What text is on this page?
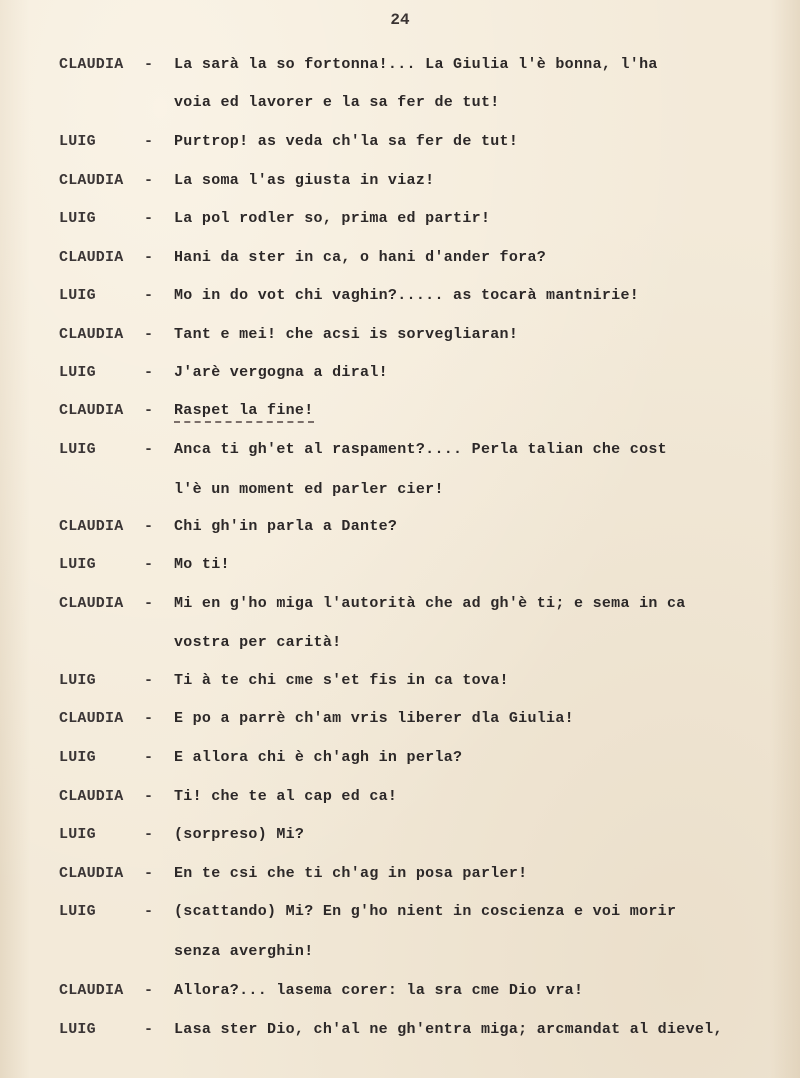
24
CLAUDIA - La sarà la so fortonna!... La Giulia l'è bonna, l'ha
voia ed lavorer e la sa fer de tut!
LUIG	- Purtrop! as veda ch'la sa fer de tut!
CLAUDIA - La soma l'as giusta in viaz!
LUIG	- La pol rodler so, prima ed partir!
CLAUDIA - Hani da ster in ca, o hani d'ander fora?
LUIG	- Mo in do vot chi vaghin?..... as tocarà mantnirie!
CLAUDIA - Tant e mei! che acsi is sorvegliaran!
LUIG	- J'arè vergogna a diral!
CLAUDIA - Raspet la fine!
LUIG	- Anca ti gh'et al raspament?.... Perla talian che cost
l'è un moment ed parler cier!
CLAUDIA - Chi gh'in parla a Dante?
LUIG	- Mo ti!
CLAUDIA - Mi en g'ho miga l'autorità che ad gh'è ti; e sema in ca
vostra per carità!
LUIG	- Ti à te chi cme s'et fis in ca tova!
CLAUDIA - E po a parrè ch'am vris liberer dla Giulia!
LUIG	- E allora chi è ch'agh in perla?
CLAUDIA - Ti! che te al cap ed ca!
LUIG	- (sorpreso) Mi?
CLAUDIA - En te csi che ti ch'ag in posa parler!
LUIG	- (scattando) Mi? En g'ho nient in coscienza e voi morir
senza averghin!
CLAUDIA - Allora?... lasema corer: la sra cme Dio vra!
LUIG	- Lasa ster Dio, ch'al ne gh'entra miga; arcmandat al dievel,
